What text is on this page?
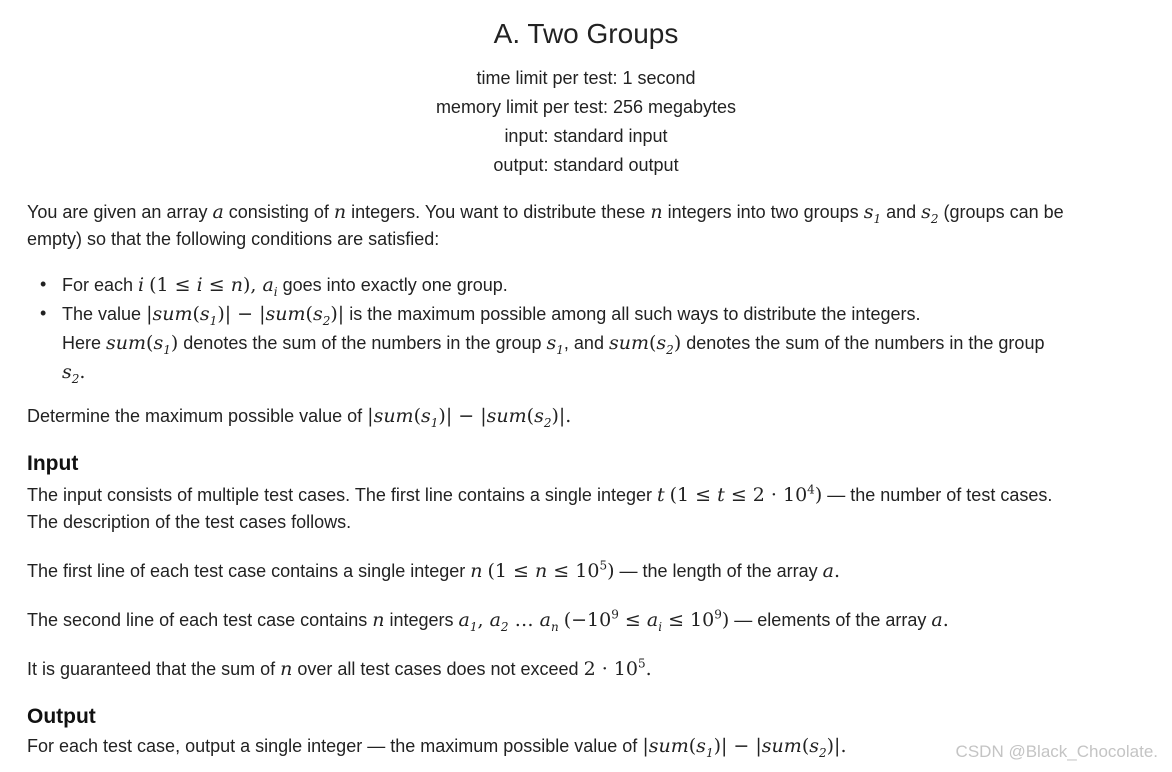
A. Two Groups
time limit per test: 1 second
memory limit per test: 256 megabytes
input: standard input
output: standard output
You are given an array a consisting of n integers. You want to distribute these n integers into two groups $s_1$ and $s_2$ (groups can be
empty) so that the following conditions are satisfied:
• For each i (1 ≤ i ≤ n), $a_i$ goes into exactly one group.
• The value $|sum(s_1)| - |sum(s_2)|$ is the maximum possible among all such ways to distribute the integers.
Here $sum(s_1)$ denotes the sum of the numbers in the group $s_1$, and $sum(s_2)$ denotes the sum of the numbers in the group
$s_2$.
Determine the maximum possible value of $|sum(s_1)| - |sum(s_2)|$.
Input
The input consists of multiple test cases. The first line contains a single integer t $(1 \le t \le 2 \cdot 10^4)$ — the number of test cases.
The description of the test cases follows.
The first line of each test case contains a single integer n $(1 \le n \le 10^5)$ — the length of the array a.
The second line of each test case contains n integers $a_1$, $a_2$ … $a_n$ $(-10^9 \le a_i \le 10^9)$ — elements of the array a.
It is guaranteed that the sum of n over all test cases does not exceed $2 \cdot 10^5$.
Output
For each test case, output a single integer — the maximum possible value of $|sum(s_1)| - |sum(s_2)|$.	CSDN @Black_Chocolate.
